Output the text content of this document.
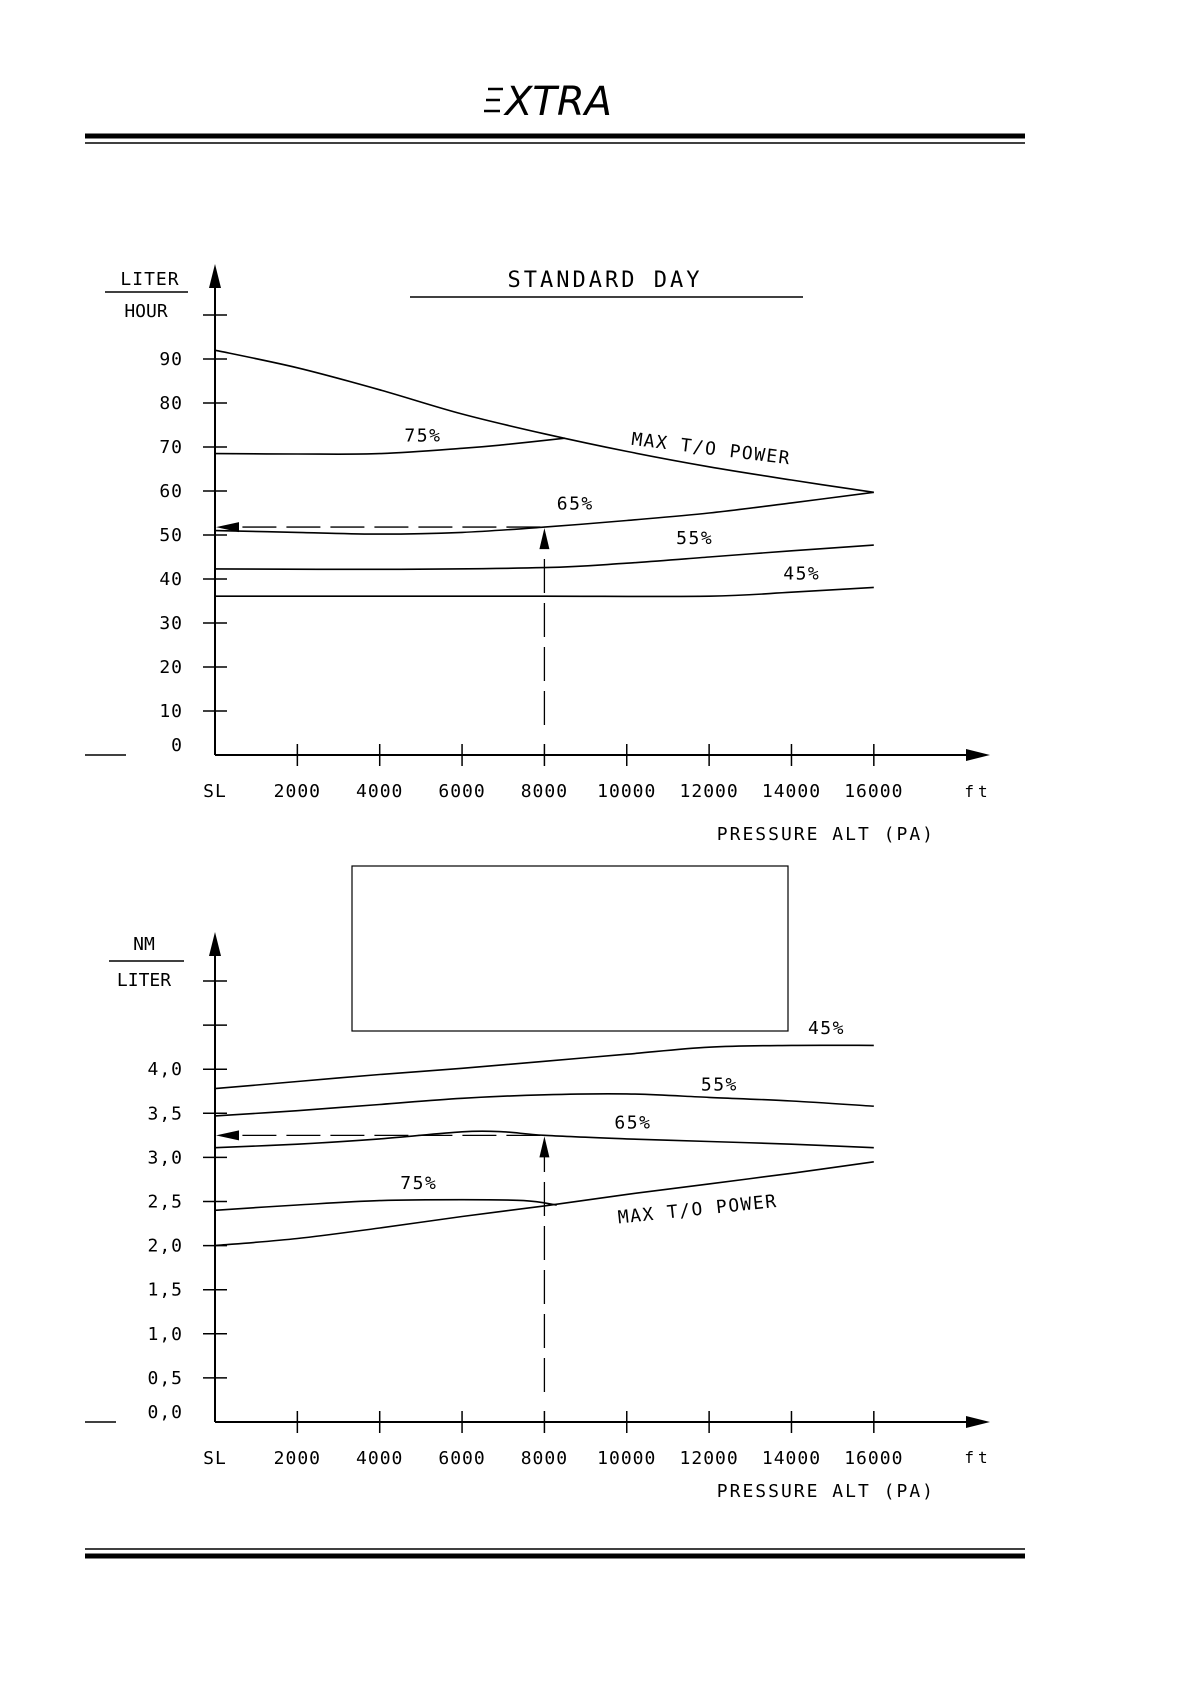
XTRA
STANDARD DAY
LITER
HOUR
0
10
20
30
40
50
60
70
80
90
SL	2000 4000 6000 8000 10000 12000 14000 16000
75%
65%
55%
45%
MAX T/O POWER
ft
PRESSURE ALT (PA)
NM
LITER
0,0
0,5
1,0
1,5
2,0
2,5
3,0
3,5
4,0
SL	2000 4000 6000 8000 10000 12000 14000 16000
45%
55%
65%
75%
MAX T/O POWER
ft
PRESSURE ALT (PA)
